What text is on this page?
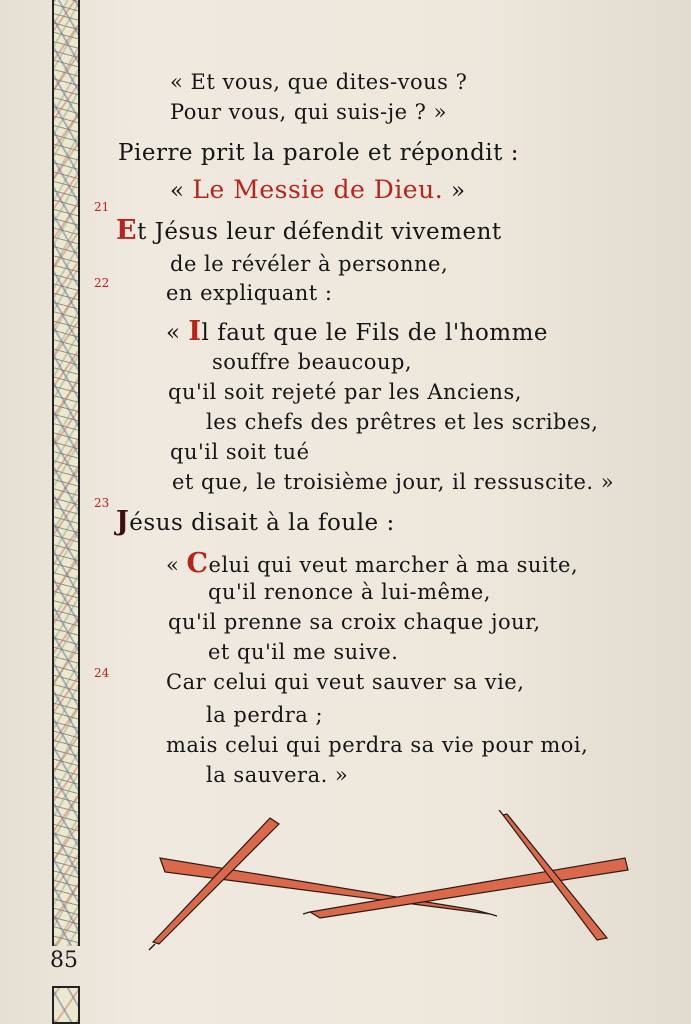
85
21
22
23
24
« Et vous, que dites-vous ?
Pour vous, qui suis-je ? »
Pierre prit la parole et répondit :
« Le Messie de Dieu. »
Et Jésus leur défendit vivement
de le révéler à personne,
en expliquant :
« Il faut que le Fils de l'homme
souffre beaucoup,
qu'il soit rejeté par les Anciens,
les chefs des prêtres et les scribes,
qu'il soit tué
et que, le troisième jour, il ressuscite. »
Jésus disait à la foule :
« Celui qui veut marcher à ma suite,
qu'il renonce à lui-même,
qu'il prenne sa croix chaque jour,
et qu'il me suive.
Car celui qui veut sauver sa vie,
la perdra ;
mais celui qui perdra sa vie pour moi,
la sauvera. »
